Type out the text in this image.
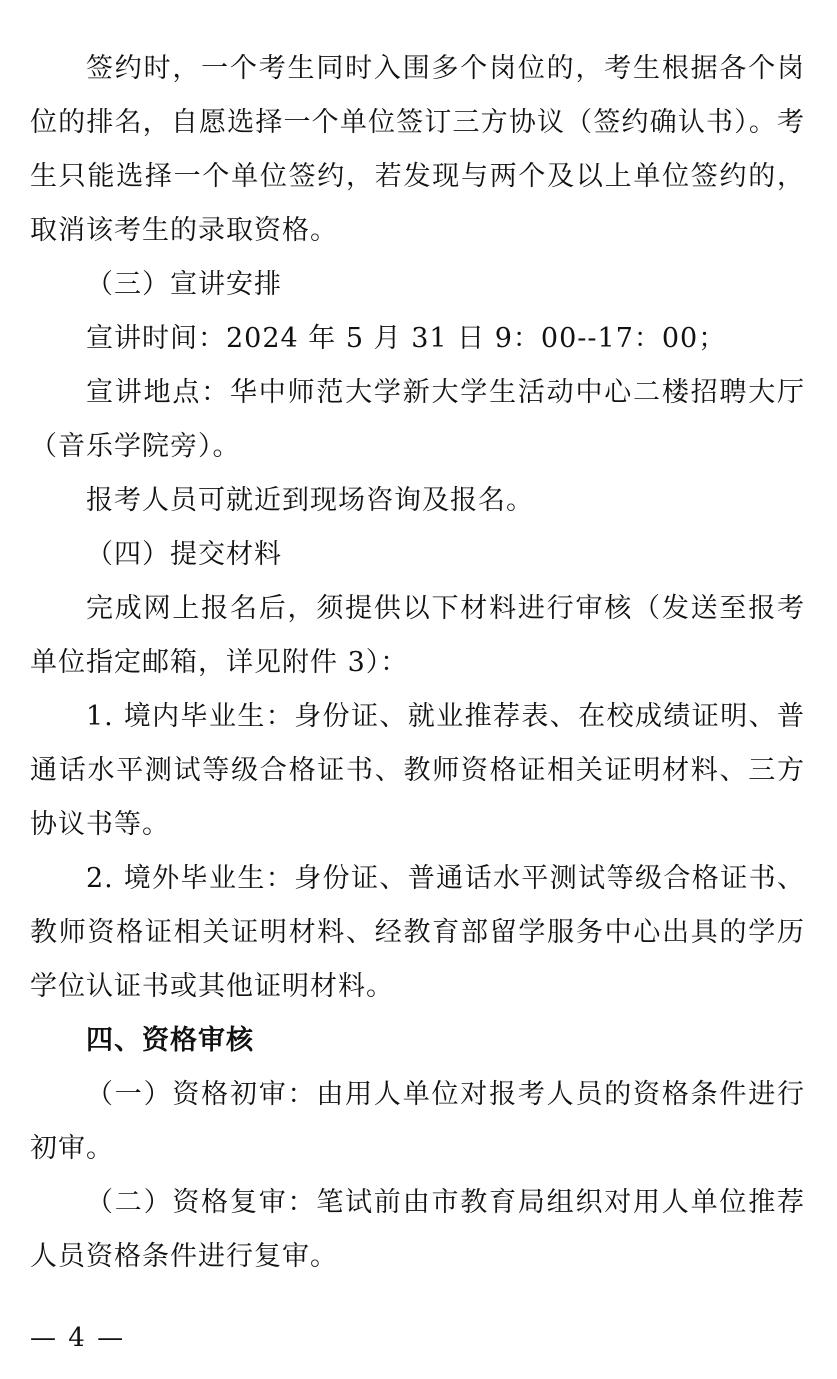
签约时，一个考生同时入围多个岗位的，考生根据各个岗位的排名，自愿选择一个单位签订三方协议（签约确认书）。考生只能选择一个单位签约，若发现与两个及以上单位签约的，取消该考生的录取资格。

（三）宣讲安排

宣讲时间：2024 年 5 月 31 日 9：00--17：00；

宣讲地点：华中师范大学新大学生活动中心二楼招聘大厅（音乐学院旁）。

报考人员可就近到现场咨询及报名。

（四）提交材料

完成网上报名后，须提供以下材料进行审核（发送至报考单位指定邮箱，详见附件 3）：

1. 境内毕业生：身份证、就业推荐表、在校成绩证明、普通话水平测试等级合格证书、教师资格证相关证明材料、三方协议书等。

2. 境外毕业生：身份证、普通话水平测试等级合格证书、教师资格证相关证明材料、经教育部留学服务中心出具的学历学位认证书或其他证明材料。

四、资格审核

（一）资格初审：由用人单位对报考人员的资格条件进行初审。

（二）资格复审：笔试前由市教育局组织对用人单位推荐人员资格条件进行复审。

— 4 —
